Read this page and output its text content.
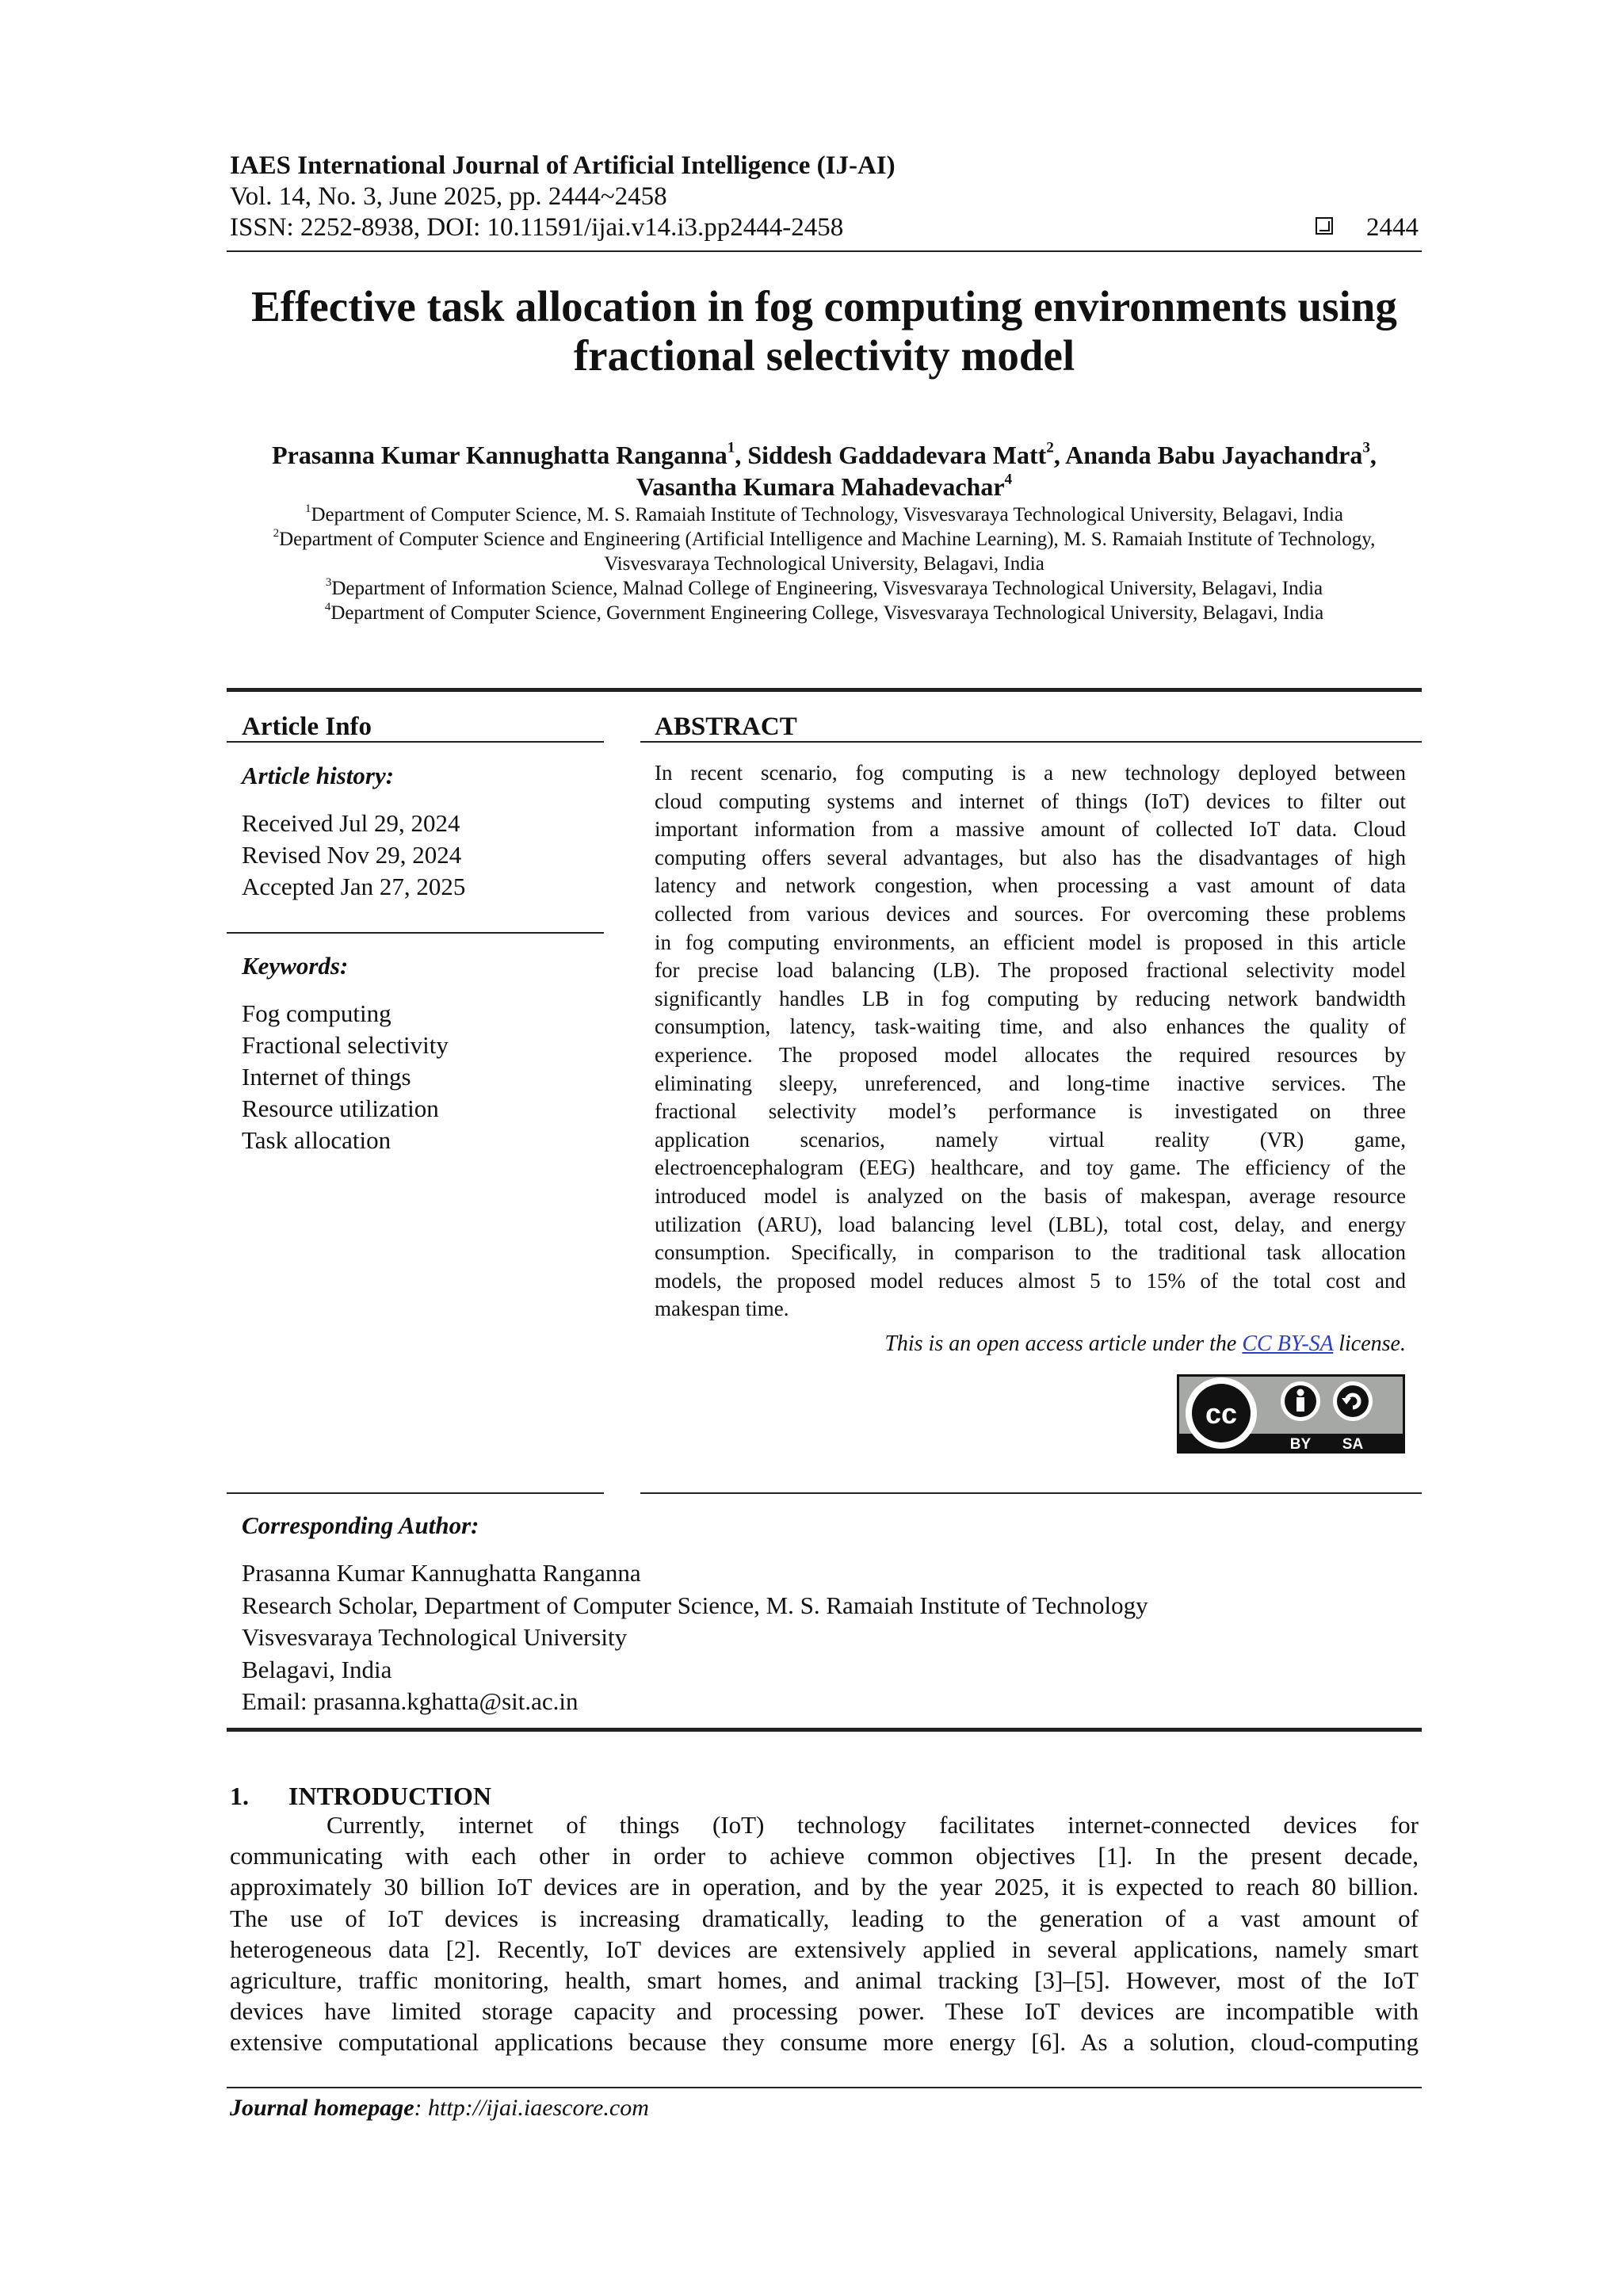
IAES International Journal of Artificial Intelligence (IJ-AI)
Vol. 14, No. 3, June 2025, pp. 2444~2458
ISSN: 2252-8938, DOI: 10.11591/ijai.v14.i3.pp2444-2458	2444
Effective task allocation in fog computing environments using
fractional selectivity model
Prasanna Kumar Kannughatta Ranganna$^1$, Siddesh Gaddadevara Matt$^2$, Ananda Babu Jayachandra$^3$,
Vasantha Kumara Mahadevachar$^4$
$^1$Department of Computer Science, M. S. Ramaiah Institute of Technology, Visvesvaraya Technological University, Belagavi, India
$^2$Department of Computer Science and Engineering (Artificial Intelligence and Machine Learning), M. S. Ramaiah Institute of Technology,
Visvesvaraya Technological University, Belagavi, India
$^3$Department of Information Science, Malnad College of Engineering, Visvesvaraya Technological University, Belagavi, India
$^4$Department of Computer Science, Government Engineering College, Visvesvaraya Technological University, Belagavi, India
Article Info	ABSTRACT
Article history:
Received Jul 29, 2024
Revised Nov 29, 2024
Accepted Jan 27, 2025
Keywords:
Fog computing
Fractional selectivity
Internet of things
Resource utilization
Task allocation
In recent scenario, fog computing is a new technology deployed between
cloud computing systems and internet of things (IoT) devices to filter out
important information from a massive amount of collected IoT data. Cloud
computing offers several advantages, but also has the disadvantages of high
latency and network congestion, when processing a vast amount of data
collected from various devices and sources. For overcoming these problems
in fog computing environments, an efficient model is proposed in this article
for precise load balancing (LB). The proposed fractional selectivity model
significantly handles LB in fog computing by reducing network bandwidth
consumption, latency, task-waiting time, and also enhances the quality of
experience. The proposed model allocates the required resources by
eliminating sleepy, unreferenced, and long-time inactive services. The
fractional selectivity model’s performance is investigated on three
application scenarios, namely virtual reality (VR) game,
electroencephalogram (EEG) healthcare, and toy game. The efficiency of the
introduced model is analyzed on the basis of makespan, average resource
utilization (ARU), load balancing level (LBL), total cost, delay, and energy
consumption. Specifically, in comparison to the traditional task allocation
models, the proposed model reduces almost 5 to 15% of the total cost and
makespan time.
This is an open access article under the CC BY-SA license.
cc
BY SA
Corresponding Author:
Prasanna Kumar Kannughatta Ranganna
Research Scholar, Department of Computer Science, M. S. Ramaiah Institute of Technology
Visvesvaraya Technological University
Belagavi, India
Email: prasanna.kghatta@sit.ac.in
1. INTRODUCTION
Currently, internet of things (IoT) technology facilitates internet-connected devices for
communicating with each other in order to achieve common objectives [1]. In the present decade,
approximately 30 billion IoT devices are in operation, and by the year 2025, it is expected to reach 80 billion.
The use of IoT devices is increasing dramatically, leading to the generation of a vast amount of
heterogeneous data [2]. Recently, IoT devices are extensively applied in several applications, namely smart
agriculture, traffic monitoring, health, smart homes, and animal tracking [3]–[5]. However, most of the IoT
devices have limited storage capacity and processing power. These IoT devices are incompatible with
extensive computational applications because they consume more energy [6]. As a solution, cloud-computing
Journal homepage: http://ijai.iaescore.com
